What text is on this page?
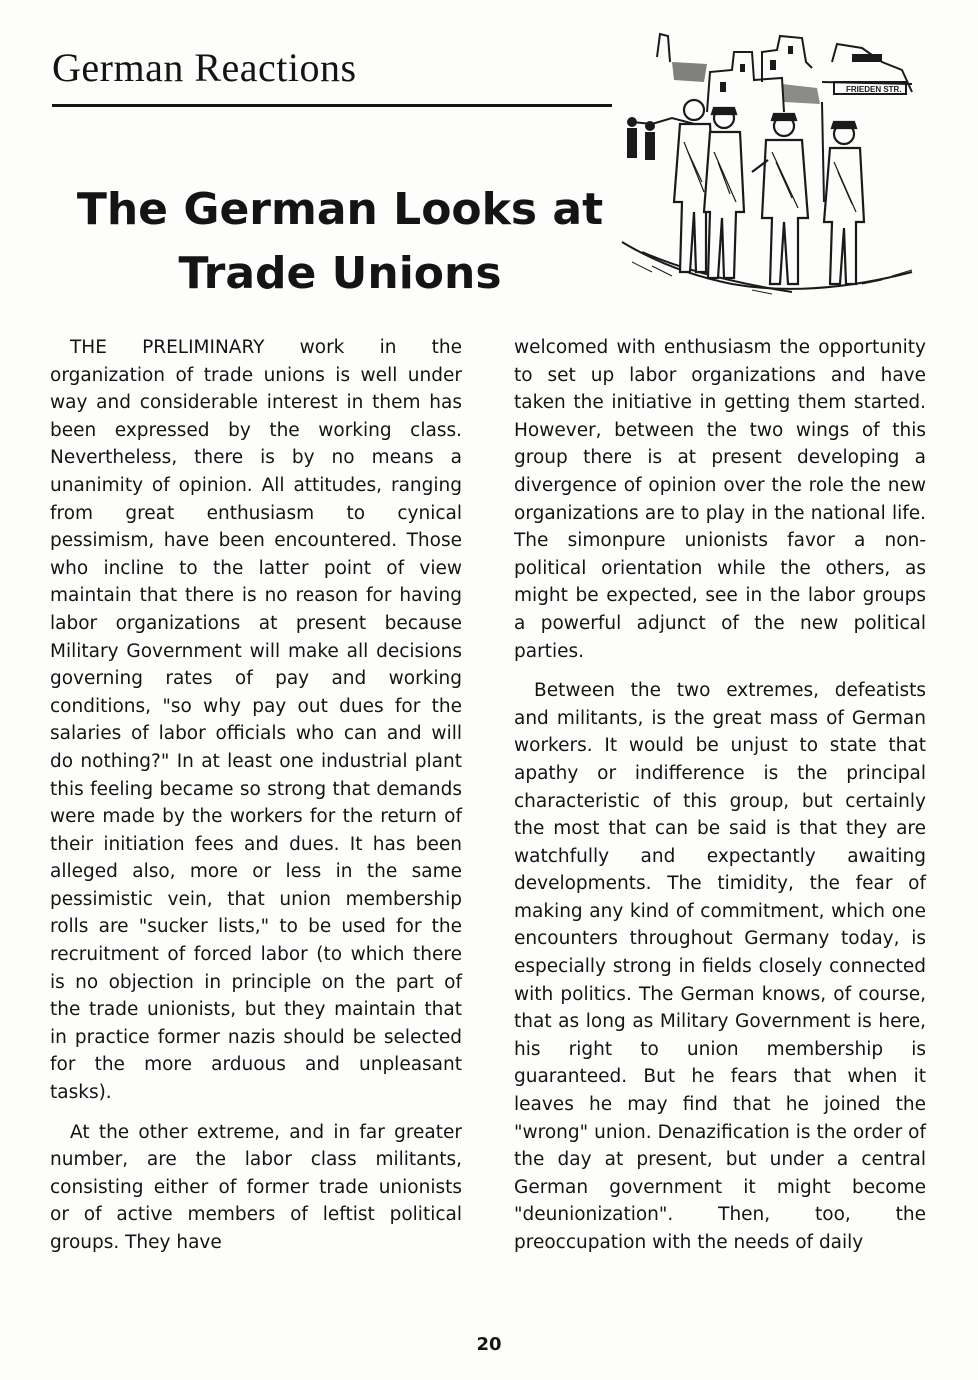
German Reactions
The German Looks at Trade Unions
FRIEDEN STR.

THE PRELIMINARY work in the organization of trade unions is well under way and considerable interest in them has been expressed by the working class. Nevertheless, there is by no means a unanimity of opinion. All attitudes, ranging from great enthusiasm to cynical pessimism, have been encountered. Those who incline to the latter point of view maintain that there is no reason for having labor organizations at present because Military Government will make all decisions governing rates of pay and working conditions, "so why pay out dues for the salaries of labor officials who can and will do nothing?" In at least one industrial plant this feeling became so strong that demands were made by the workers for the return of their initiation fees and dues. It has been alleged also, more or less in the same pessimistic vein, that union membership rolls are "sucker lists," to be used for the recruitment of forced labor (to which there is no objection in principle on the part of the trade unionists, but they maintain that in practice former nazis should be selected for the more arduous and unpleasant tasks).

At the other extreme, and in far greater number, are the labor class militants, consisting either of former trade unionists or of active members of leftist political groups. They have

welcomed with enthusiasm the opportunity to set up labor organizations and have taken the initiative in getting them started. However, between the two wings of this group there is at present developing a divergence of opinion over the role the new organizations are to play in the national life. The simonpure unionists favor a non-political orientation while the others, as might be expected, see in the labor groups a powerful adjunct of the new political parties.

Between the two extremes, defeatists and militants, is the great mass of German workers. It would be unjust to state that apathy or indifference is the principal characteristic of this group, but certainly the most that can be said is that they are watchfully and expectantly awaiting developments. The timidity, the fear of making any kind of commitment, which one encounters throughout Germany today, is especially strong in fields closely connected with politics. The German knows, of course, that as long as Military Government is here, his right to union membership is guaranteed. But he fears that when it leaves he may find that he joined the "wrong" union. Denazification is the order of the day at present, but under a central German government it might become "deunionization". Then, too, the preoccupation with the needs of daily

20
